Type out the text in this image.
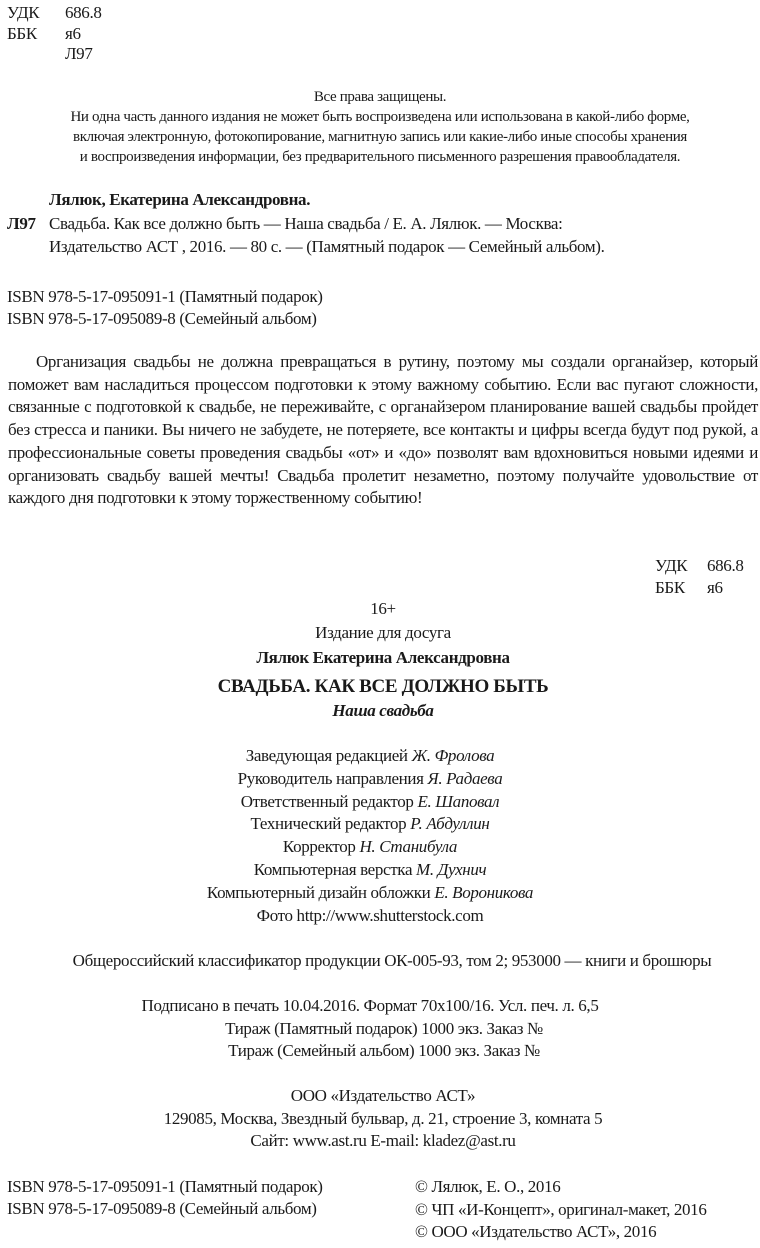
УДК 686.8
ББК я6
Л97
Все права защищены.
Ни одна часть данного издания не может быть воспроизведена или использована в какой-либо форме,
включая электронную, фотокопирование, магнитную запись или какие-либо иные способы хранения
и воспроизведения информации, без предварительного письменного разрешения правообладателя.
Лялюк, Екатерина Александровна.
Л97 Свадьба. Как все должно быть — Наша свадьба / Е. А. Лялюк. — Москва:
Издательство АСТ , 2016. — 80 с. — (Памятный подарок — Семейный альбом).
ISBN 978-5-17-095091-1 (Памятный подарок)
ISBN 978-5-17-095089-8 (Семейный альбом)
Организация свадьбы не должна превращаться в рутину, поэтому мы создали органайзер, который поможет вам насладиться процессом подготовки к этому важному событию. Если вас пугают сложности, связанные с подготовкой к свадьбе, не переживайте, с органайзером планирование вашей свадьбы пройдет без стресса и паники. Вы ничего не забудете, не потеряете, все контакты и цифры всегда будут под рукой, а профессиональные советы проведения свадьбы «от» и «до» позволят вам вдохновиться новыми идеями и организовать свадьбу вашей мечты! Свадьба пролетит незаметно, поэтому получайте удовольствие от каждого дня подготовки к этому торжественному событию!
УДК 686.8
ББК я6
16+
Издание для досуга
Лялюк Екатерина Александровна
СВАДЬБА. КАК ВСЕ ДОЛЖНО БЫТЬ
Наша свадьба
Заведующая редакцией Ж. Фролова
Руководитель направления Я. Радаева
Ответственный редактор Е. Шаповал
Технический редактор Р. Абдуллин
Корректор Н. Станибула
Компьютерная верстка М. Духнич
Компьютерный дизайн обложки Е. Вороникова
Фото http://www.shutterstock.com
Общероссийский классификатор продукции ОК-005-93, том 2; 953000 — книги и брошюры
Подписано в печать 10.04.2016. Формат 70x100/16. Усл. печ. л. 6,5
Тираж (Памятный подарок) 1000 экз. Заказ №
Тираж (Семейный альбом) 1000 экз. Заказ №
ООО «Издательство АСТ»
129085, Москва, Звездный бульвар, д. 21, строение 3, комната 5
Сайт: www.ast.ru E-mail: kladez@ast.ru
ISBN 978-5-17-095091-1 (Памятный подарок)
ISBN 978-5-17-095089-8 (Семейный альбом)
© Лялюк, Е. О., 2016
© ЧП «И-Концепт», оригинал-макет, 2016
© ООО «Издательство АСТ», 2016
